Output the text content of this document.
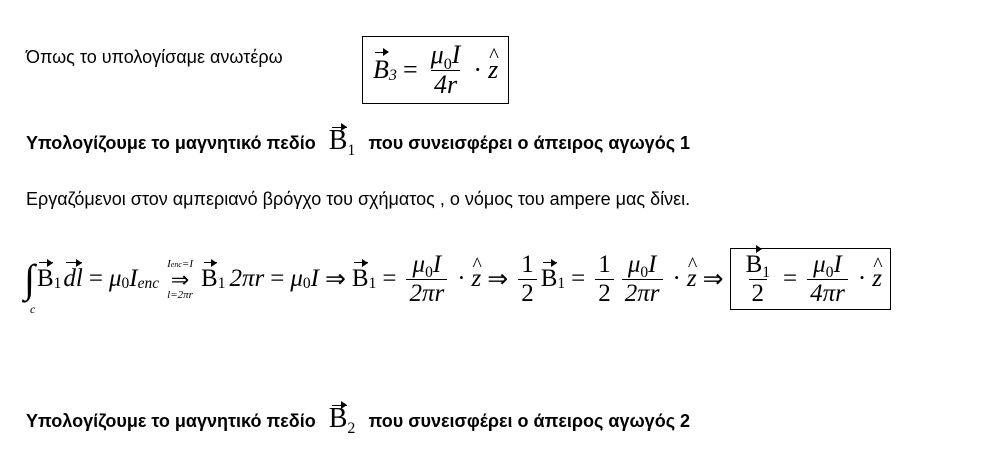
Όπως το υπολογίσαμε ανωτέρω	B $3 = \frac{\mu_0I}{4r}$ · ^ z
Υπολογίζουμε το μαγνητικό πεδίο B1 που συνεισφέρει ο άπειρος αγωγός 1
Εργαζόμενοι στον αμπεριανό βρόγχο του σχήματος , ο νόμος του ampere μας δίνει.
∫
c
B 1 dl = μ 0 I enc
Ienc=I
⇒
l=2πr
B 1 2πr = μ 0 I ⇒ B $1 = \frac{\mu_0I}{2\pi r}$ · ^ z ⇒ $\frac{1}{2}$ B $1 = \frac{1}{2} \frac{\mu_0I}{2\pi r}$ · ^ z ⇒ $\frac{B_1}{2} = \frac{\mu_0I}{4\pi r}$ · ^ z
Υπολογίζουμε το μαγνητικό πεδίο B2 που συνεισφέρει ο άπειρος αγωγός 2
